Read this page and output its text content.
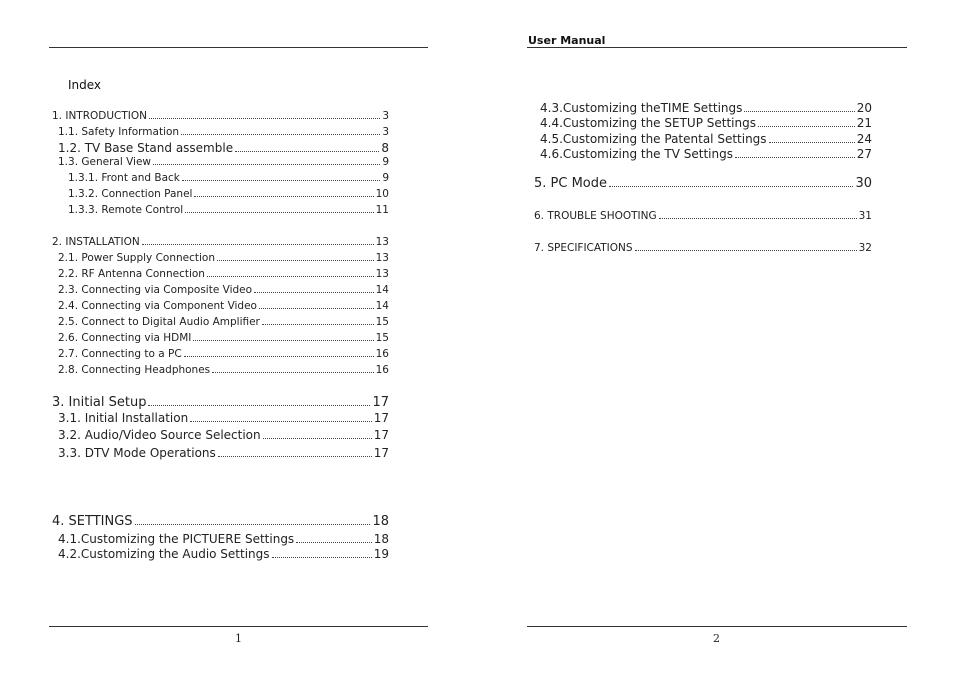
Index
1. INTRODUCTION	3
1.1. Safety Information	3
1.2. TV Base Stand assemble	8
1.3. General View	9
1.3.1. Front and Back	9
1.3.2. Connection Panel	10
1.3.3. Remote Control	11
2. INSTALLATION	13
2.1. Power Supply Connection	13
2.2. RF Antenna Connection	13
2.3. Connecting via Composite Video	14
2.4. Connecting via Component Video	14
2.5. Connect to Digital Audio Amplifier	15
2.6. Connecting via HDMI	15
2.7. Connecting to a PC	16
2.8. Connecting Headphones	16
3. Initial Setup	17
3.1. Initial Installation	17
3.2. Audio/Video Source Selection	17
3.3. DTV Mode Operations	17
4. SETTINGS	18
4.1.Customizing the PICTUERE Settings	18
4.2.Customizing the Audio Settings	19
1
User Manual
4.3.Customizing theTIME Settings	20
4.4.Customizing the SETUP Settings	21
4.5.Customizing the Patental Settings	24
4.6.Customizing the TV Settings	27
5. PC Mode	30
6. TROUBLE SHOOTING	31
7. SPECIFICATIONS	32
2
